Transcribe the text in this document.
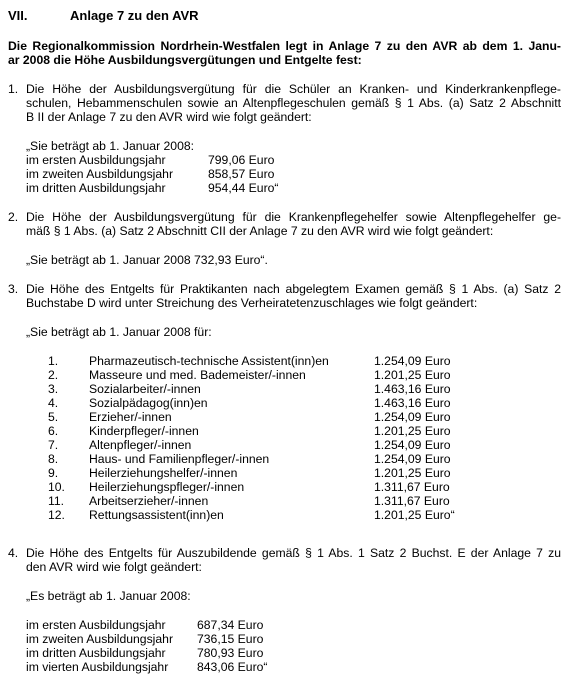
VII.	Anlage 7 zu den AVR
Die Regionalkommission Nordrhein-Westfalen legt in Anlage 7 zu den AVR ab dem 1. Janu-
ar 2008 die Höhe Ausbildungsvergütungen und Entgelte fest:
1. Die Höhe der Ausbildungsvergütung für die Schüler an Kranken- und Kinderkrankenpflege-
schulen, Hebammenschulen sowie an Altenpflegeschulen gemäß § 1 Abs. (a) Satz 2 Abschnitt
B II der Anlage 7 zu den AVR wird wie folgt geändert:
„Sie beträgt ab 1. Januar 2008:
im ersten Ausbildungsjahr	799,06 Euro
im zweiten Ausbildungsjahr	858,57 Euro
im dritten Ausbildungsjahr	954,44 Euro“
2. Die Höhe der Ausbildungsvergütung für die Krankenpflegehelfer sowie Altenpflegehelfer ge-
mäß § 1 Abs. (a) Satz 2 Abschnitt CII der Anlage 7 zu den AVR wird wie folgt geändert:
„Sie beträgt ab 1. Januar 2008 732,93 Euro“.
3. Die Höhe des Entgelts für Praktikanten nach abgelegtem Examen gemäß § 1 Abs. (a) Satz 2
Buchstabe D wird unter Streichung des Verheiratetenzuschlages wie folgt geändert:
„Sie beträgt ab 1. Januar 2008 für:
1.	Pharmazeutisch-technische Assistent(inn)en	1.254,09 Euro
2.	Masseure und med. Bademeister/-innen	1.201,25 Euro
3.	Sozialarbeiter/-innen	1.463,16 Euro
4.	Sozialpädagog(inn)en	1.463,16 Euro
5.	Erzieher/-innen	1.254,09 Euro
6.	Kinderpfleger/-innen	1.201,25 Euro
7.	Altenpfleger/-innen	1.254,09 Euro
8.	Haus- und Familienpfleger/-innen	1.254,09 Euro
9.	Heilerziehungshelfer/-innen	1.201,25 Euro
10. Heilerziehungspfleger/-innen	1.311,67 Euro
11. Arbeitserzieher/-innen	1.311,67 Euro
12. Rettungsassistent(inn)en	1.201,25 Euro“
4. Die Höhe des Entgelts für Auszubildende gemäß § 1 Abs. 1 Satz 2 Buchst. E der Anlage 7 zu
den AVR wird wie folgt geändert:
„Es beträgt ab 1. Januar 2008:
im ersten Ausbildungsjahr	687,34 Euro
im zweiten Ausbildungsjahr 736,15 Euro
im dritten Ausbildungsjahr	780,93 Euro
im vierten Ausbildungsjahr 843,06 Euro“
